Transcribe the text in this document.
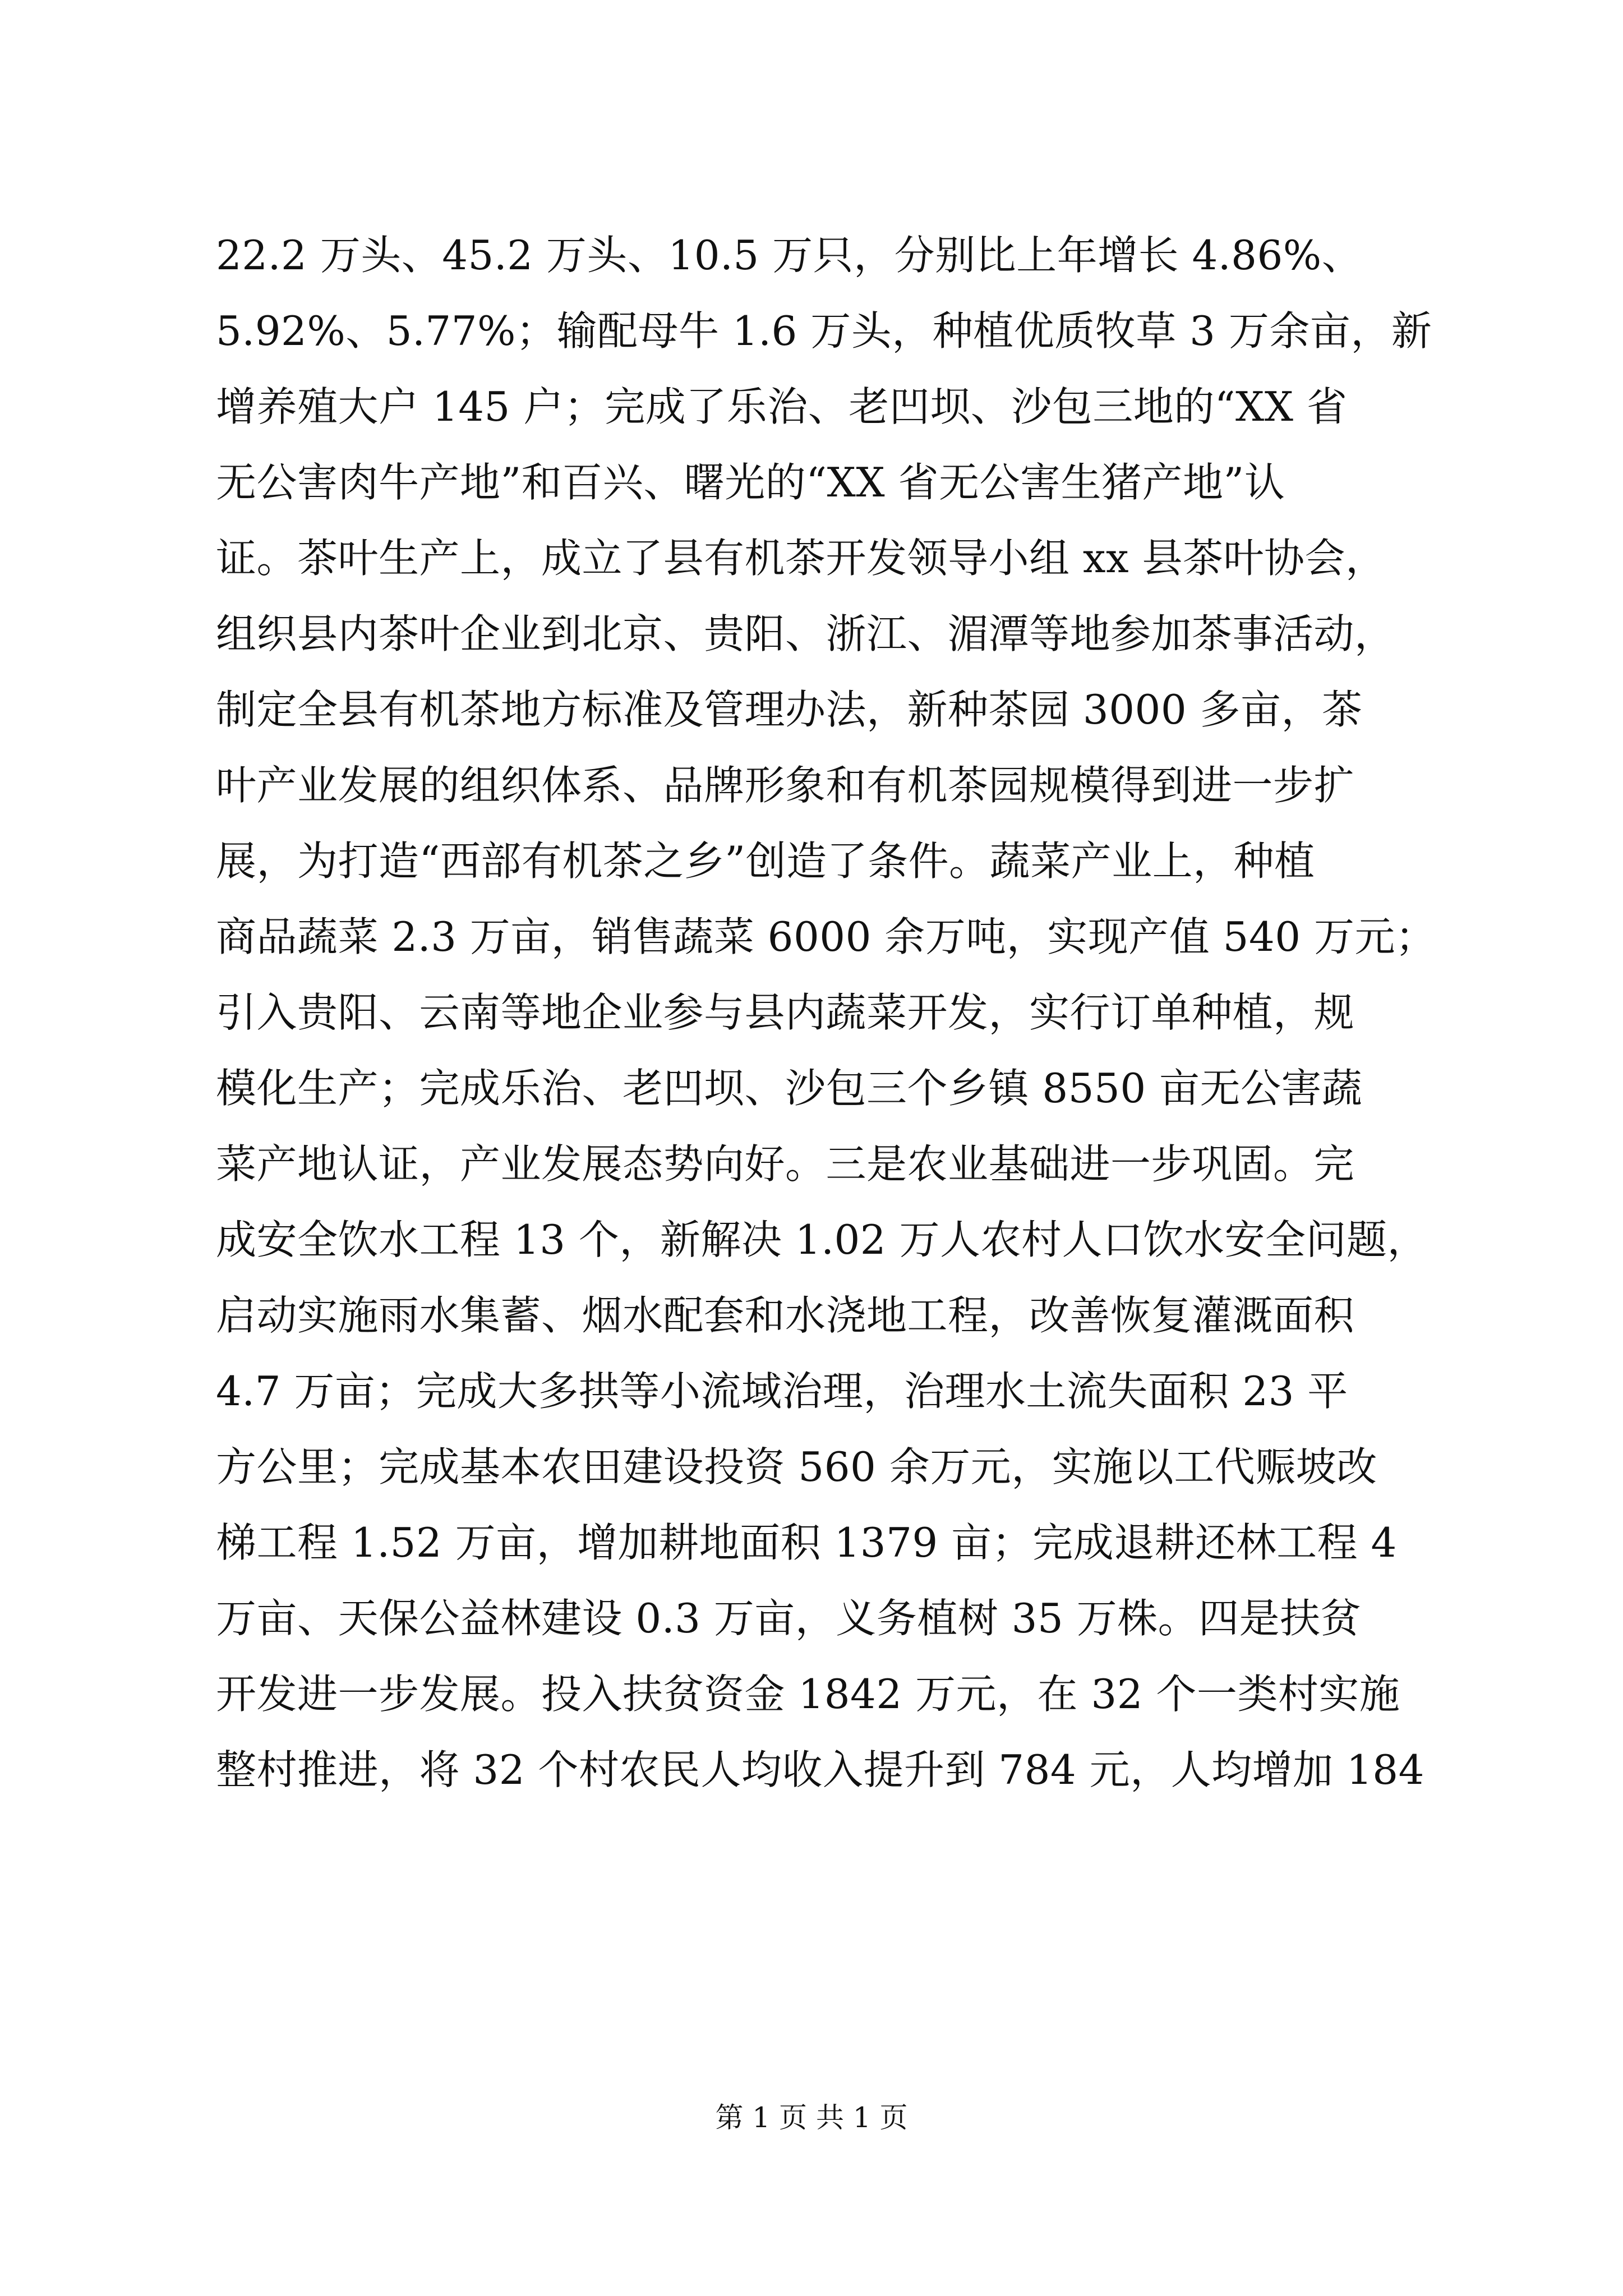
22.2 万头、45.2 万头、10.5 万只，分别比上年增长 4.86%、
5.92%、5.77%；输配母牛 1.6 万头，种植优质牧草 3 万余亩，新
增养殖大户 145 户；完成了乐治、老凹坝、沙包三地的“XX 省
无公害肉牛产地”和百兴、曙光的“XX 省无公害生猪产地”认
证。茶叶生产上，成立了县有机茶开发领导小组 xx 县茶叶协会，
组织县内茶叶企业到北京、贵阳、浙江、湄潭等地参加茶事活动，
制定全县有机茶地方标准及管理办法，新种茶园 3000 多亩，茶
叶产业发展的组织体系、品牌形象和有机茶园规模得到进一步扩
展，为打造“西部有机茶之乡”创造了条件。蔬菜产业上，种植
商品蔬菜 2.3 万亩，销售蔬菜 6000 余万吨，实现产值 540 万元；
引入贵阳、云南等地企业参与县内蔬菜开发，实行订单种植，规
模化生产；完成乐治、老凹坝、沙包三个乡镇 8550 亩无公害蔬
菜产地认证，产业发展态势向好。三是农业基础进一步巩固。完
成安全饮水工程 13 个，新解决 1.02 万人农村人口饮水安全问题，
启动实施雨水集蓄、烟水配套和水浇地工程，改善恢复灌溉面积
4.7 万亩；完成大多拱等小流域治理，治理水土流失面积 23 平
方公里；完成基本农田建设投资 560 余万元，实施以工代赈坡改
梯工程 1.52 万亩，增加耕地面积 1379 亩；完成退耕还林工程 4
万亩、天保公益林建设 0.3 万亩，义务植树 35 万株。四是扶贫
开发进一步发展。投入扶贫资金 1842 万元，在 32 个一类村实施
整村推进，将 32 个村农民人均收入提升到 784 元，人均增加 184
第 1 页 共 1 页
